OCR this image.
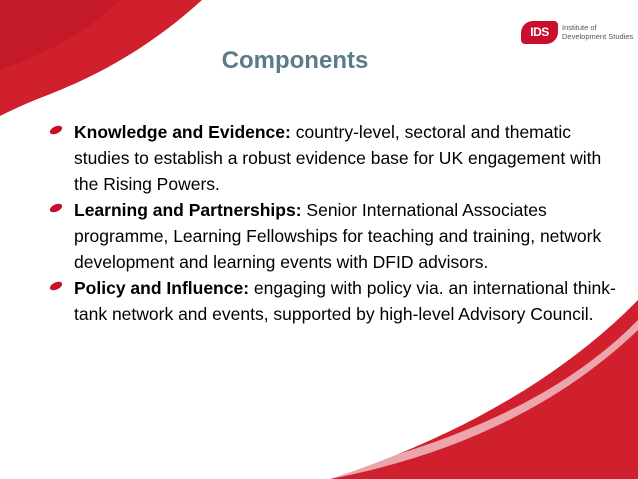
IDS	Institute of
Development Studies
Components
Knowledge and Evidence: country-level, sectoral and thematic studies to establish a robust evidence base for UK engagement with the Rising Powers.
Learning and Partnerships: Senior International Associates programme, Learning Fellowships for teaching and training, network development and learning events with DFID advisors.
Policy and Influence: engaging with policy via. an international think-tank network and events, supported by high-level Advisory Council.
